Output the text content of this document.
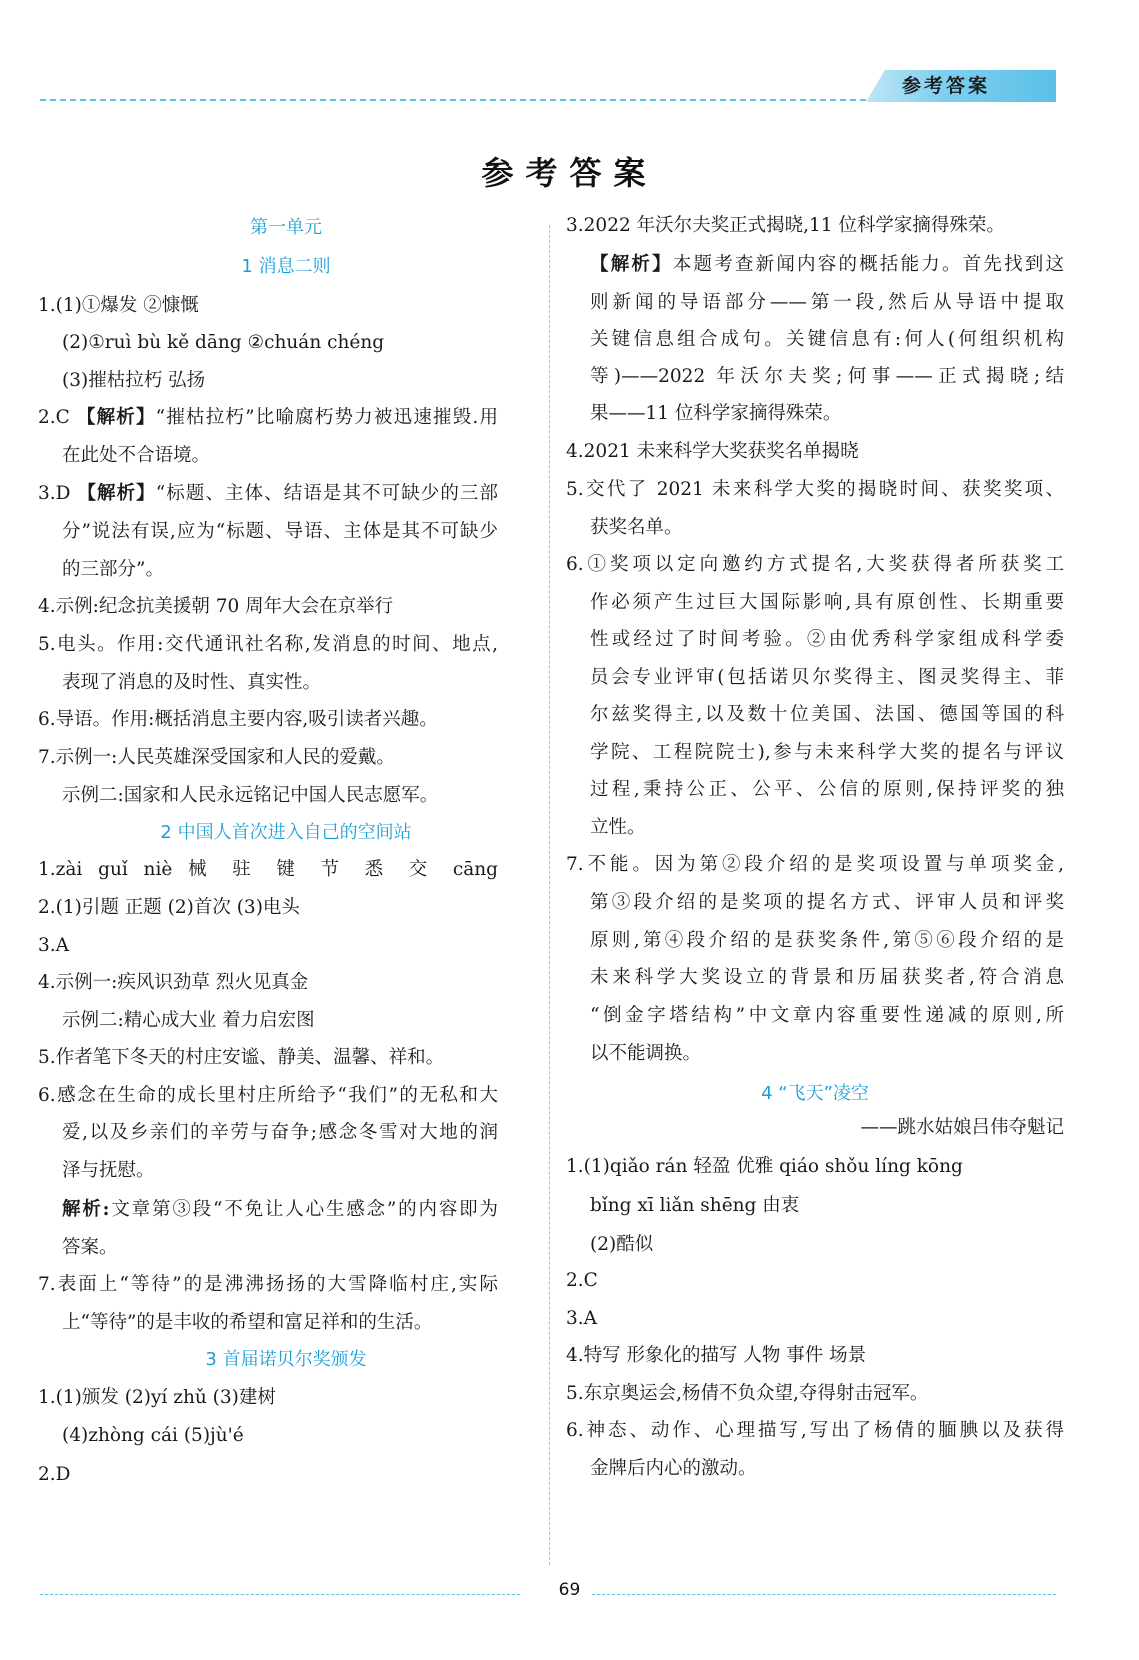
参考答案
参考答案
第一单元
1 消息二则
1.(1)①爆发 ②慷慨
(2)①ruì bù kě dāng ②chuán chéng
(3)摧枯拉朽 弘扬
2.C 【解析】“摧枯拉朽”比喻腐朽势力被迅速摧毁.用
在此处不合语境。
3.D 【解析】“标题、主体、结语是其不可缺少的三部
分”说法有误,应为“标题、导语、主体是其不可缺少
的三部分”。
4.示例:纪念抗美援朝 70 周年大会在京举行
5.电头。作用:交代通讯社名称,发消息的时间、地点,
表现了消息的及时性、真实性。
6.导语。作用:概括消息主要内容,吸引读者兴趣。
7.示例一:人民英雄深受国家和人民的爱戴。
示例二:国家和人民永远铭记中国人民志愿军。
2 中国人首次进入自己的空间站
1.zài guǐ niè 械 驻 键 节 悉 交 cāng
2.(1)引题 正题 (2)首次 (3)电头
3.A
4.示例一:疾风识劲草 烈火见真金
示例二:精心成大业 着力启宏图
5.作者笔下冬天的村庄安谧、静美、温馨、祥和。
6.感念在生命的成长里村庄所给予“我们”的无私和大
爱,以及乡亲们的辛劳与奋争;感念冬雪对大地的润
泽与抚慰。
解析:文章第③段“不免让人心生感念”的内容即为
答案。
7.表面上“等待”的是沸沸扬扬的大雪降临村庄,实际
上“等待”的是丰收的希望和富足祥和的生活。
3 首届诺贝尔奖颁发
1.(1)颁发 (2)yí zhǔ (3)建树
(4)zhòng cái (5)jù'é
2.D
3.2022 年沃尔夫奖正式揭晓,11 位科学家摘得殊荣。
【解析】本题考查新闻内容的概括能力。首先找到这
则新闻的导语部分——第一段,然后从导语中提取
关键信息组合成句。关键信息有:何人(何组织机构
等)——2022 年沃尔夫奖;何事——正式揭晓;结
果——11 位科学家摘得殊荣。
4.2021 未来科学大奖获奖名单揭晓
5.交代了 2021 未来科学大奖的揭晓时间、获奖奖项、
获奖名单。
6.①奖项以定向邀约方式提名,大奖获得者所获奖工
作必须产生过巨大国际影响,具有原创性、长期重要
性或经过了时间考验。②由优秀科学家组成科学委
员会专业评审(包括诺贝尔奖得主、图灵奖得主、菲
尔兹奖得主,以及数十位美国、法国、德国等国的科
学院、工程院院士),参与未来科学大奖的提名与评议
过程,秉持公正、公平、公信的原则,保持评奖的独
立性。
7.不能。因为第②段介绍的是奖项设置与单项奖金,
第③段介绍的是奖项的提名方式、评审人员和评奖
原则,第④段介绍的是获奖条件,第⑤⑥段介绍的是
未来科学大奖设立的背景和历届获奖者,符合消息
“倒金字塔结构”中文章内容重要性递减的原则,所
以不能调换。
4 “飞天”凌空
——跳水姑娘吕伟夺魁记
1.(1)qiǎo rán 轻盈 优雅 qiáo shǒu líng kōng
bǐng xī liǎn shēng 由衷
(2)酷似
2.C
3.A
4.特写 形象化的描写 人物 事件 场景
5.东京奥运会,杨倩不负众望,夺得射击冠军。
6.神态、动作、心理描写,写出了杨倩的腼腆以及获得
金牌后内心的激动。
69
